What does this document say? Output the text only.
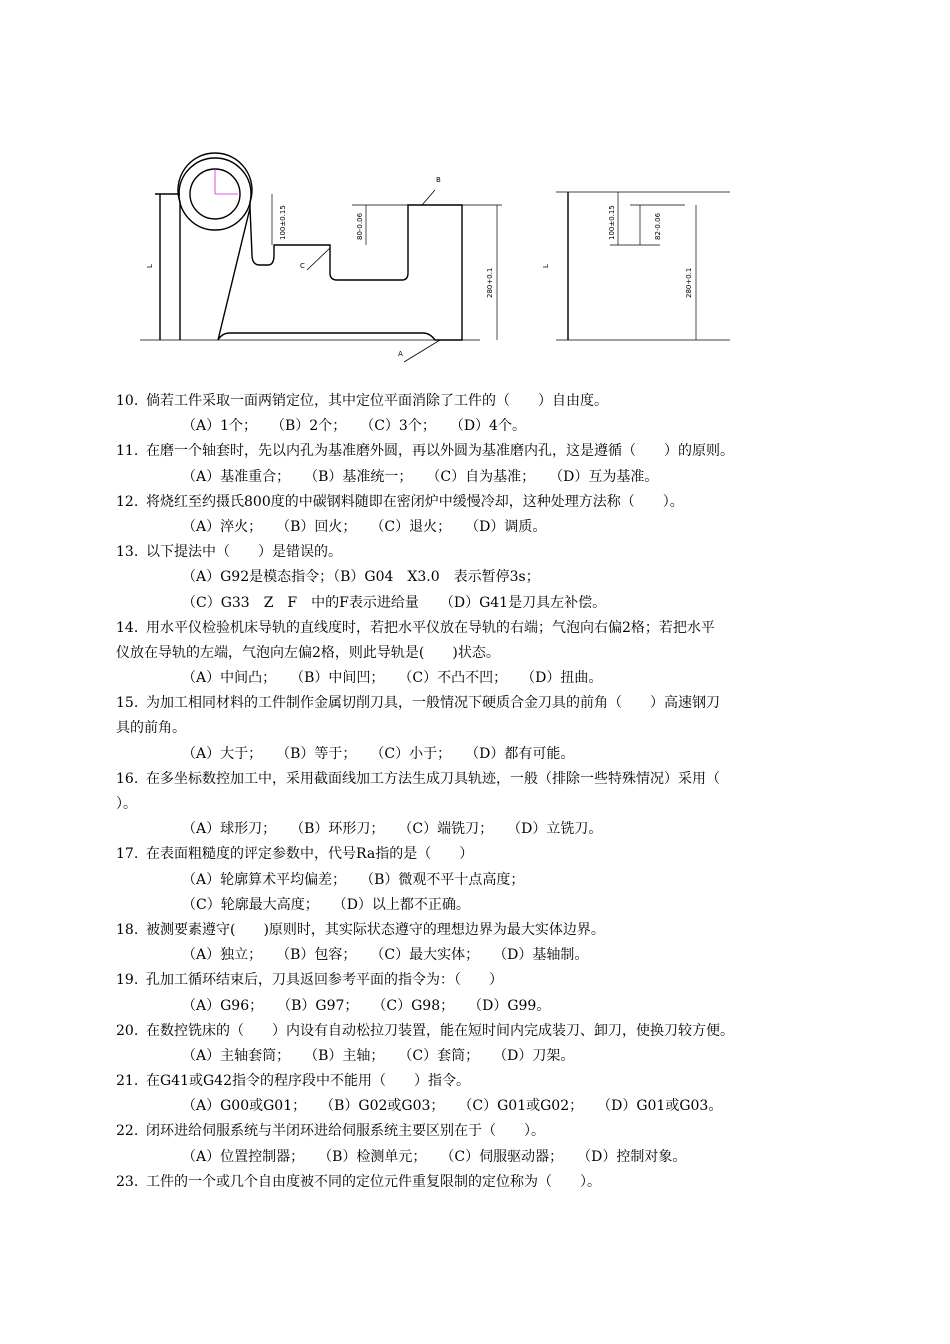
B
C
A
L	L
100±0.15	80-0.06
280+0.1
100±0.15	82-0.06
280+0.1
10. 倘若工件采取一面两销定位，其中定位平面消除了工件的（　　）自由度。
（A）1个；　　（B）2个；　　（C）3个；　　（D）4个。
11. 在磨一个轴套时，先以内孔为基准磨外圆，再以外圆为基准磨内孔，这是遵循（　　）的原则。
（A）基准重合；　　（B）基准统一；　　（C）自为基准；　　（D）互为基准。
12. 将烧红至约摄氏800度的中碳钢料随即在密闭炉中缓慢冷却，这种处理方法称（　　）。
（A）淬火；　　（B）回火；　　（C）退火；　　（D）调质。
13. 以下提法中（　　）是错误的。
（A）G92是模态指令；（B）G04　X3.0　表示暂停3s；
（C）G33　Z　F　中的F表示进给量　　（D）G41是刀具左补偿。
14. 用水平仪检验机床导轨的直线度时，若把水平仪放在导轨的右端；气泡向右偏2格；若把水平
仪放在导轨的左端，气泡向左偏2格，则此导轨是(　　)状态。
（A）中间凸；　　（B）中间凹；　　（C）不凸不凹；　　（D）扭曲。
15. 为加工相同材料的工件制作金属切削刀具，一般情况下硬质合金刀具的前角（　　）高速钢刀
具的前角。
（A）大于；　　（B）等于；　　（C）小于；　　（D）都有可能。
16. 在多坐标数控加工中，采用截面线加工方法生成刀具轨迹，一般（排除一些特殊情况）采用（
）。
（A）球形刀；　　（B）环形刀；　　（C）端铣刀；　　（D）立铣刀。
17. 在表面粗糙度的评定参数中，代号Ra指的是（　　）
（A）轮廓算术平均偏差；　　（B）微观不平十点高度；
（C）轮廓最大高度；　　（D）以上都不正确。
18. 被测要素遵守(　　)原则时，其实际状态遵守的理想边界为最大实体边界。
（A）独立；　　（B）包容；　　（C）最大实体；　　（D）基轴制。
19. 孔加工循环结束后，刀具返回参考平面的指令为：（　　）
（A）G96；　　（B）G97；　　（C）G98；　　（D）G99。
20. 在数控铣床的（　　）内设有自动松拉刀装置，能在短时间内完成装刀、卸刀，使换刀较方便。
（A）主轴套筒；　　（B）主轴；　　（C）套筒；　　（D）刀架。
21. 在G41或G42指令的程序段中不能用（　　）指令。
（A）G00或G01；　　（B）G02或G03；　　（C）G01或G02；　　（D）G01或G03。
22. 闭环进给伺服系统与半闭环进给伺服系统主要区别在于（　　）。
（A）位置控制器；　　（B）检测单元；　　（C）伺服驱动器；　　（D）控制对象。
23. 工件的一个或几个自由度被不同的定位元件重复限制的定位称为（　　）。
